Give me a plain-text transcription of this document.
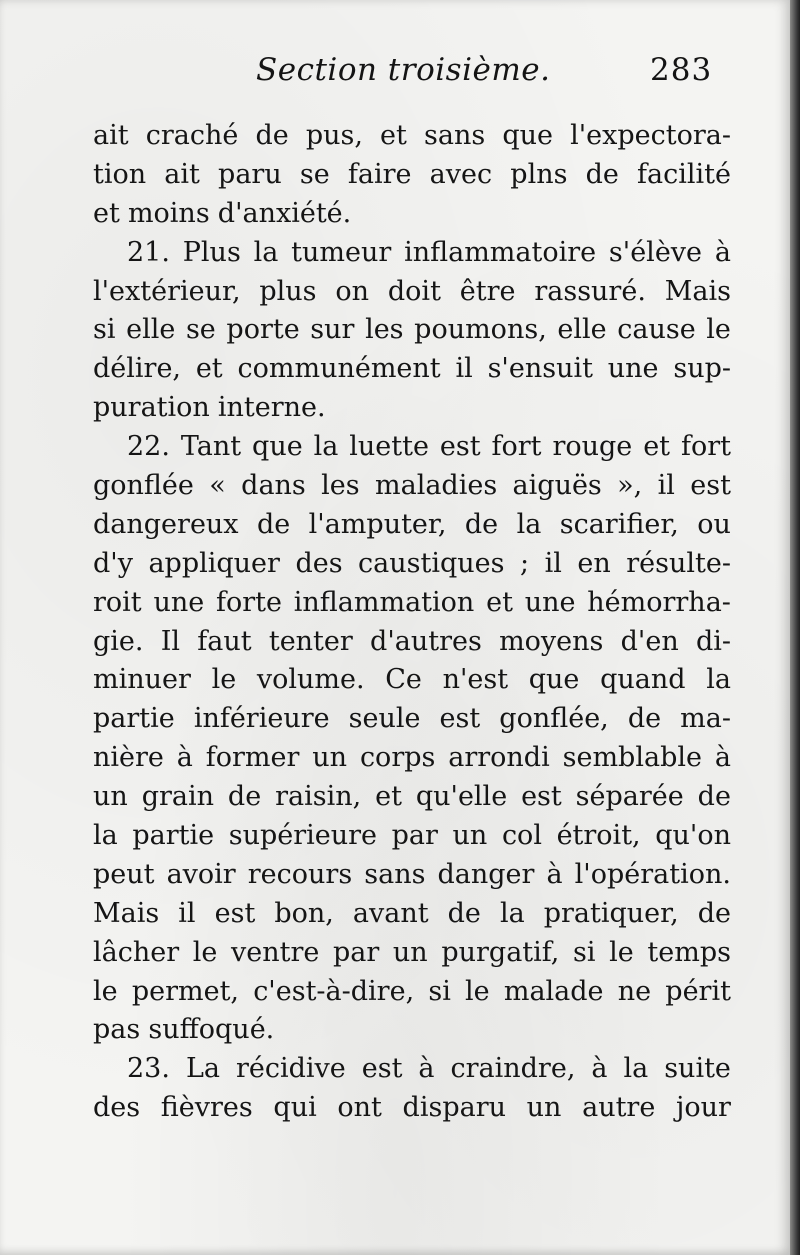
Section troisième.	283
ait craché de pus, et sans que l'expectora-
tion ait paru se faire avec plns de facilité
et moins d'anxiété.
21. Plus la tumeur inflammatoire s'élève à
l'extérieur, plus on doit être rassuré. Mais
si elle se porte sur les poumons, elle cause le
délire, et communément il s'ensuit une sup-
puration interne.
22. Tant que la luette est fort rouge et fort
gonflée « dans les maladies aiguës », il est
dangereux de l'amputer, de la scarifier, ou
d'y appliquer des caustiques ; il en résulte-
roit une forte inflammation et une hémorrha-
gie. Il faut tenter d'autres moyens d'en di-
minuer le volume. Ce n'est que quand la
partie inférieure seule est gonflée, de ma-
nière à former un corps arrondi semblable à
un grain de raisin, et qu'elle est séparée de
la partie supérieure par un col étroit, qu'on
peut avoir recours sans danger à l'opération.
Mais il est bon, avant de la pratiquer, de
lâcher le ventre par un purgatif, si le temps
le permet, c'est-à-dire, si le malade ne périt
pas suffoqué.
23. La récidive est à craindre, à la suite
des fièvres qui ont disparu un autre jour
